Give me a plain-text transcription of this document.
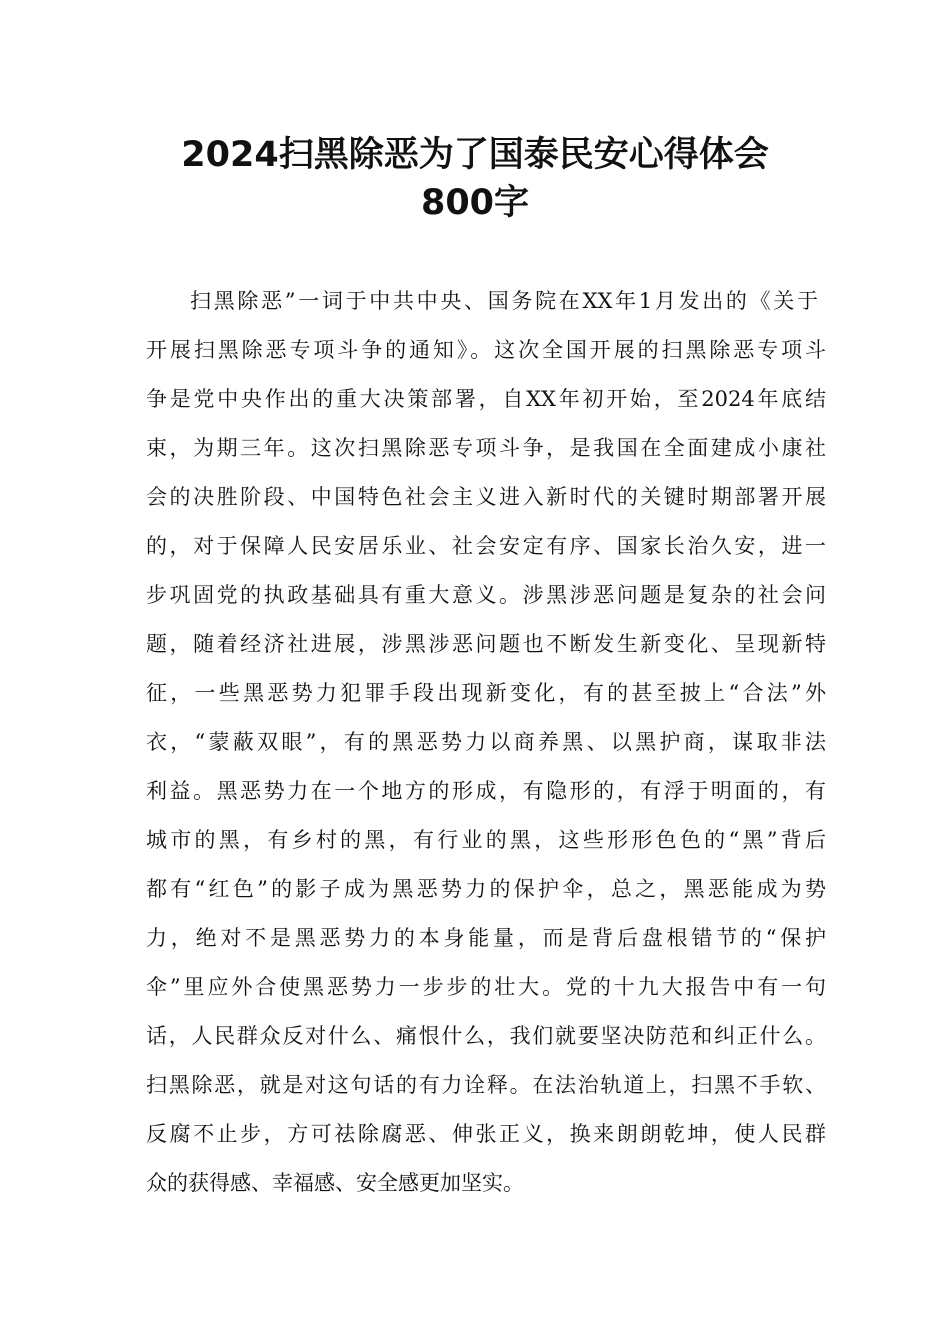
2024扫黑除恶为了国泰民安心得体会
800字
扫黑除恶”一词于中共中央、国务院在XX年1月发出的《关于
开展扫黑除恶专项斗争的通知》。这次全国开展的扫黑除恶专项斗
争是党中央作出的重大决策部署，自XX年初开始，至2024年底结
束，为期三年。这次扫黑除恶专项斗争，是我国在全面建成小康社
会的决胜阶段、中国特色社会主义进入新时代的关键时期部署开展
的，对于保障人民安居乐业、社会安定有序、国家长治久安，进一
步巩固党的执政基础具有重大意义。涉黑涉恶问题是复杂的社会问
题，随着经济社进展，涉黑涉恶问题也不断发生新变化、呈现新特
征，一些黑恶势力犯罪手段出现新变化，有的甚至披上“合法”外
衣，“蒙蔽双眼”，有的黑恶势力以商养黑、以黑护商，谋取非法
利益。黑恶势力在一个地方的形成，有隐形的，有浮于明面的，有
城市的黑，有乡村的黑，有行业的黑，这些形形色色的“黑”背后
都有“红色”的影子成为黑恶势力的保护伞，总之，黑恶能成为势
力，绝对不是黑恶势力的本身能量，而是背后盘根错节的“保护
伞”里应外合使黑恶势力一步步的壮大。党的十九大报告中有一句
话，人民群众反对什么、痛恨什么，我们就要坚决防范和纠正什么。
扫黑除恶，就是对这句话的有力诠释。在法治轨道上，扫黑不手软、
反腐不止步，方可祛除腐恶、伸张正义，换来朗朗乾坤，使人民群
众的获得感、幸福感、安全感更加坚实。
